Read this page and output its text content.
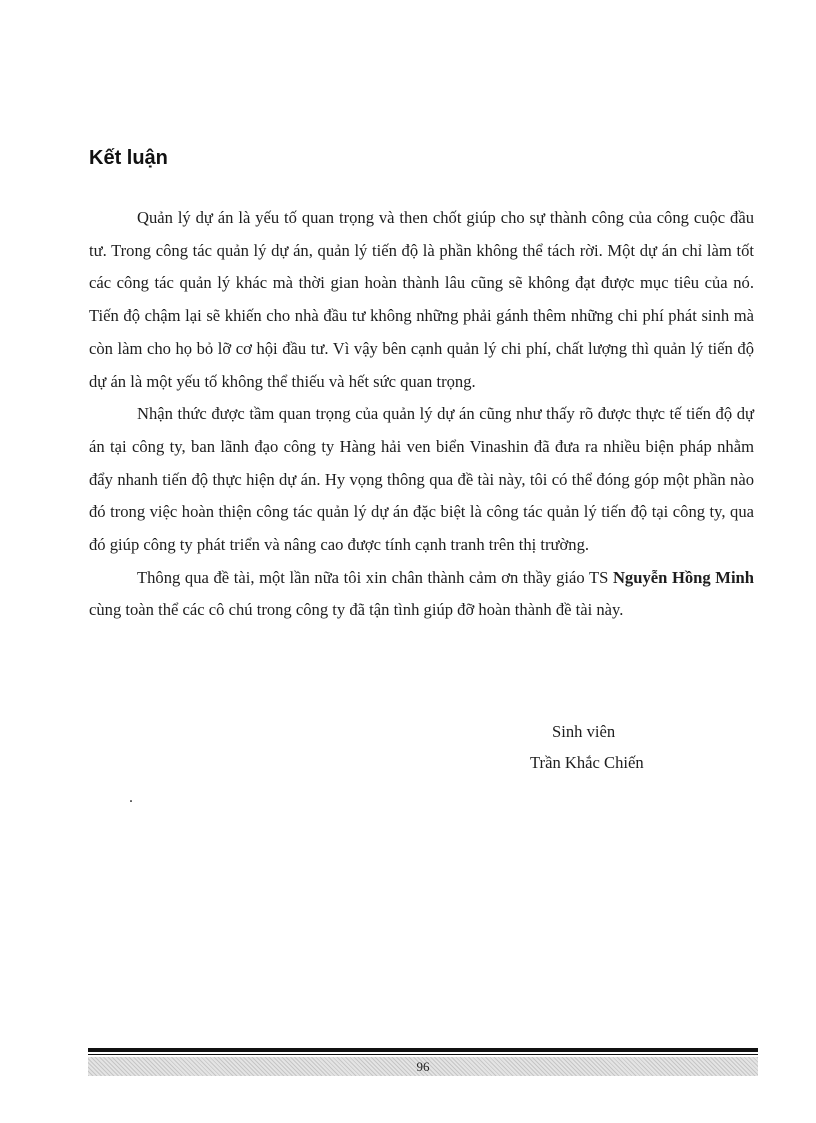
Kết luận

Quản lý dự án là yếu tố quan trọng và then chốt giúp cho sự thành công của công cuộc đầu tư. Trong công tác quản lý dự án, quản lý tiến độ là phần không thể tách rời. Một dự án chỉ làm tốt các công tác quản lý khác mà thời gian hoàn thành lâu cũng sẽ không đạt được mục tiêu của nó. Tiến độ chậm lại sẽ khiến cho nhà đầu tư không những phải gánh thêm những chi phí phát sinh mà còn làm cho họ bỏ lỡ cơ hội đầu tư. Vì vậy bên cạnh quản lý chi phí, chất lượng thì quản lý tiến độ dự án là một yếu tố không thể thiếu và hết sức quan trọng.

Nhận thức được tầm quan trọng của quản lý dự án cũng như thấy rõ được thực tế tiến độ dự án tại công ty, ban lãnh đạo công ty Hàng hải ven biển Vinashin đã đưa ra nhiều biện pháp nhằm đẩy nhanh tiến độ thực hiện dự án. Hy vọng thông qua đề tài này, tôi có thể đóng góp một phần nào đó trong việc hoàn thiện công tác quản lý dự án đặc biệt là công tác quản lý tiến độ tại công ty, qua đó giúp công ty phát triển và nâng cao được tính cạnh tranh trên thị trường.

Thông qua đề tài, một lần nữa tôi xin chân thành cảm ơn thầy giáo TS Nguyễn Hồng Minh cùng toàn thể các cô chú trong công ty đã tận tình giúp đỡ hoàn thành đề tài này.

Sinh viên
Trần Khắc Chiến
.
96
